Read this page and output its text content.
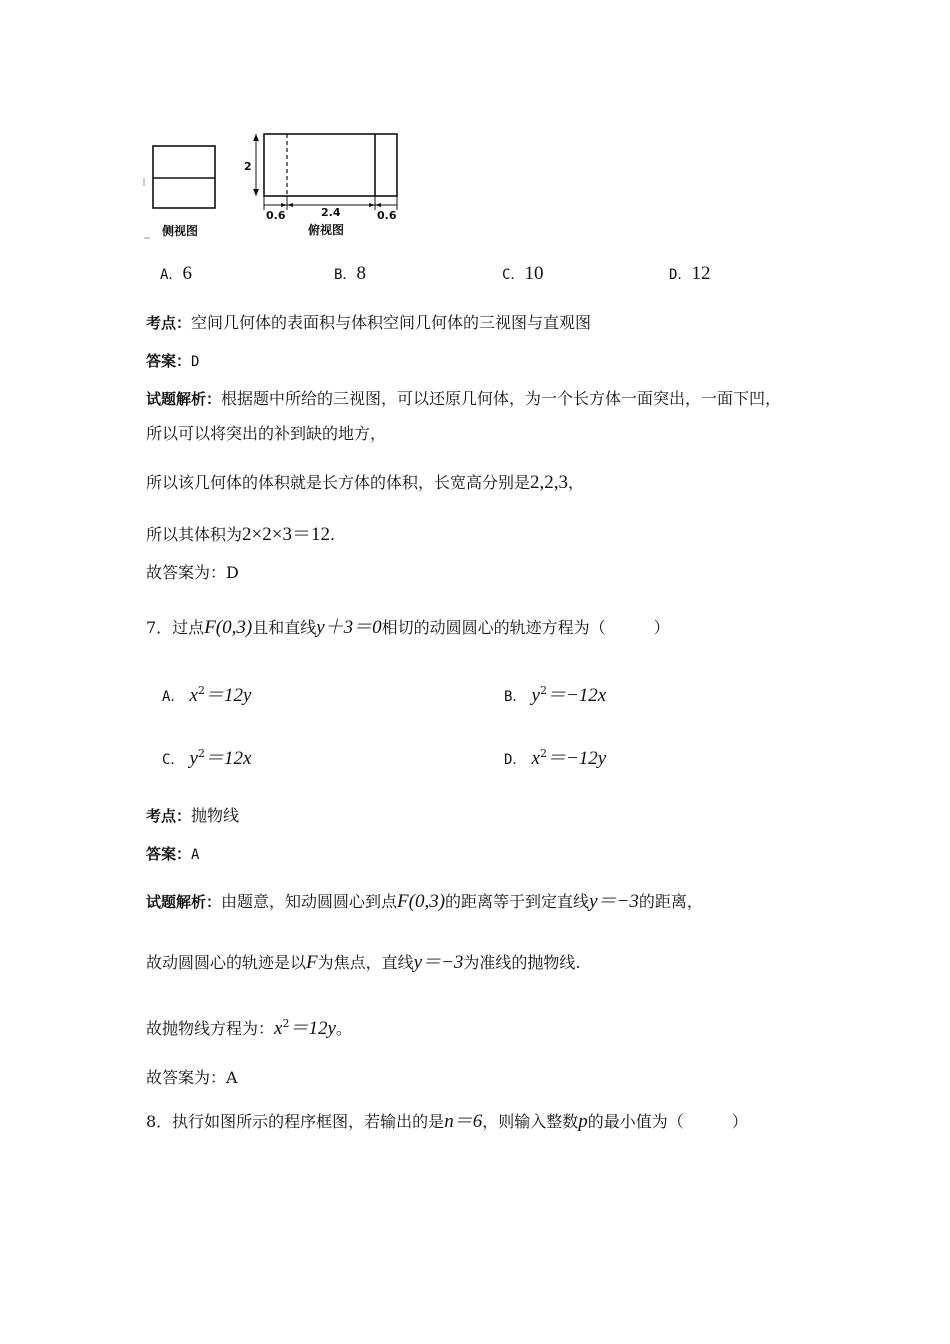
侧视图
2
0.6	2.4	0.6
俯视图
A．6	B．8	C．10	D．12
考点：空间几何体的表面积与体积空间几何体的三视图与直观图
答案：D
试题解析：根据题中所给的三视图，可以还原几何体，为一个长方体一面突出，一面下凹，
所以可以将突出的补到缺的地方，
所以该几何体的体积就是长方体的体积，长宽高分别是2,2,3，
所以其体积为2×2×3＝12.
故答案为：D
7．过点F(0,3)且和直线y＋3＝0相切的动圆圆心的轨迹方程为（　　　）
A． $x^2=12y$	B． $y^2=-12x$
C． $y^2=12x$	D． $x^2=-12y$
考点：抛物线
答案：A
试题解析：由题意，知动圆圆心到点F(0,3)的距离等于到定直线y＝−3的距离，
故动圆圆心的轨迹是以F为焦点，直线y＝−3为准线的抛物线.
故抛物线方程为：$x^2=12y$。
故答案为：A
8．执行如图所示的程序框图，若输出的是n＝6，则输入整数p的最小值为（　　　）
